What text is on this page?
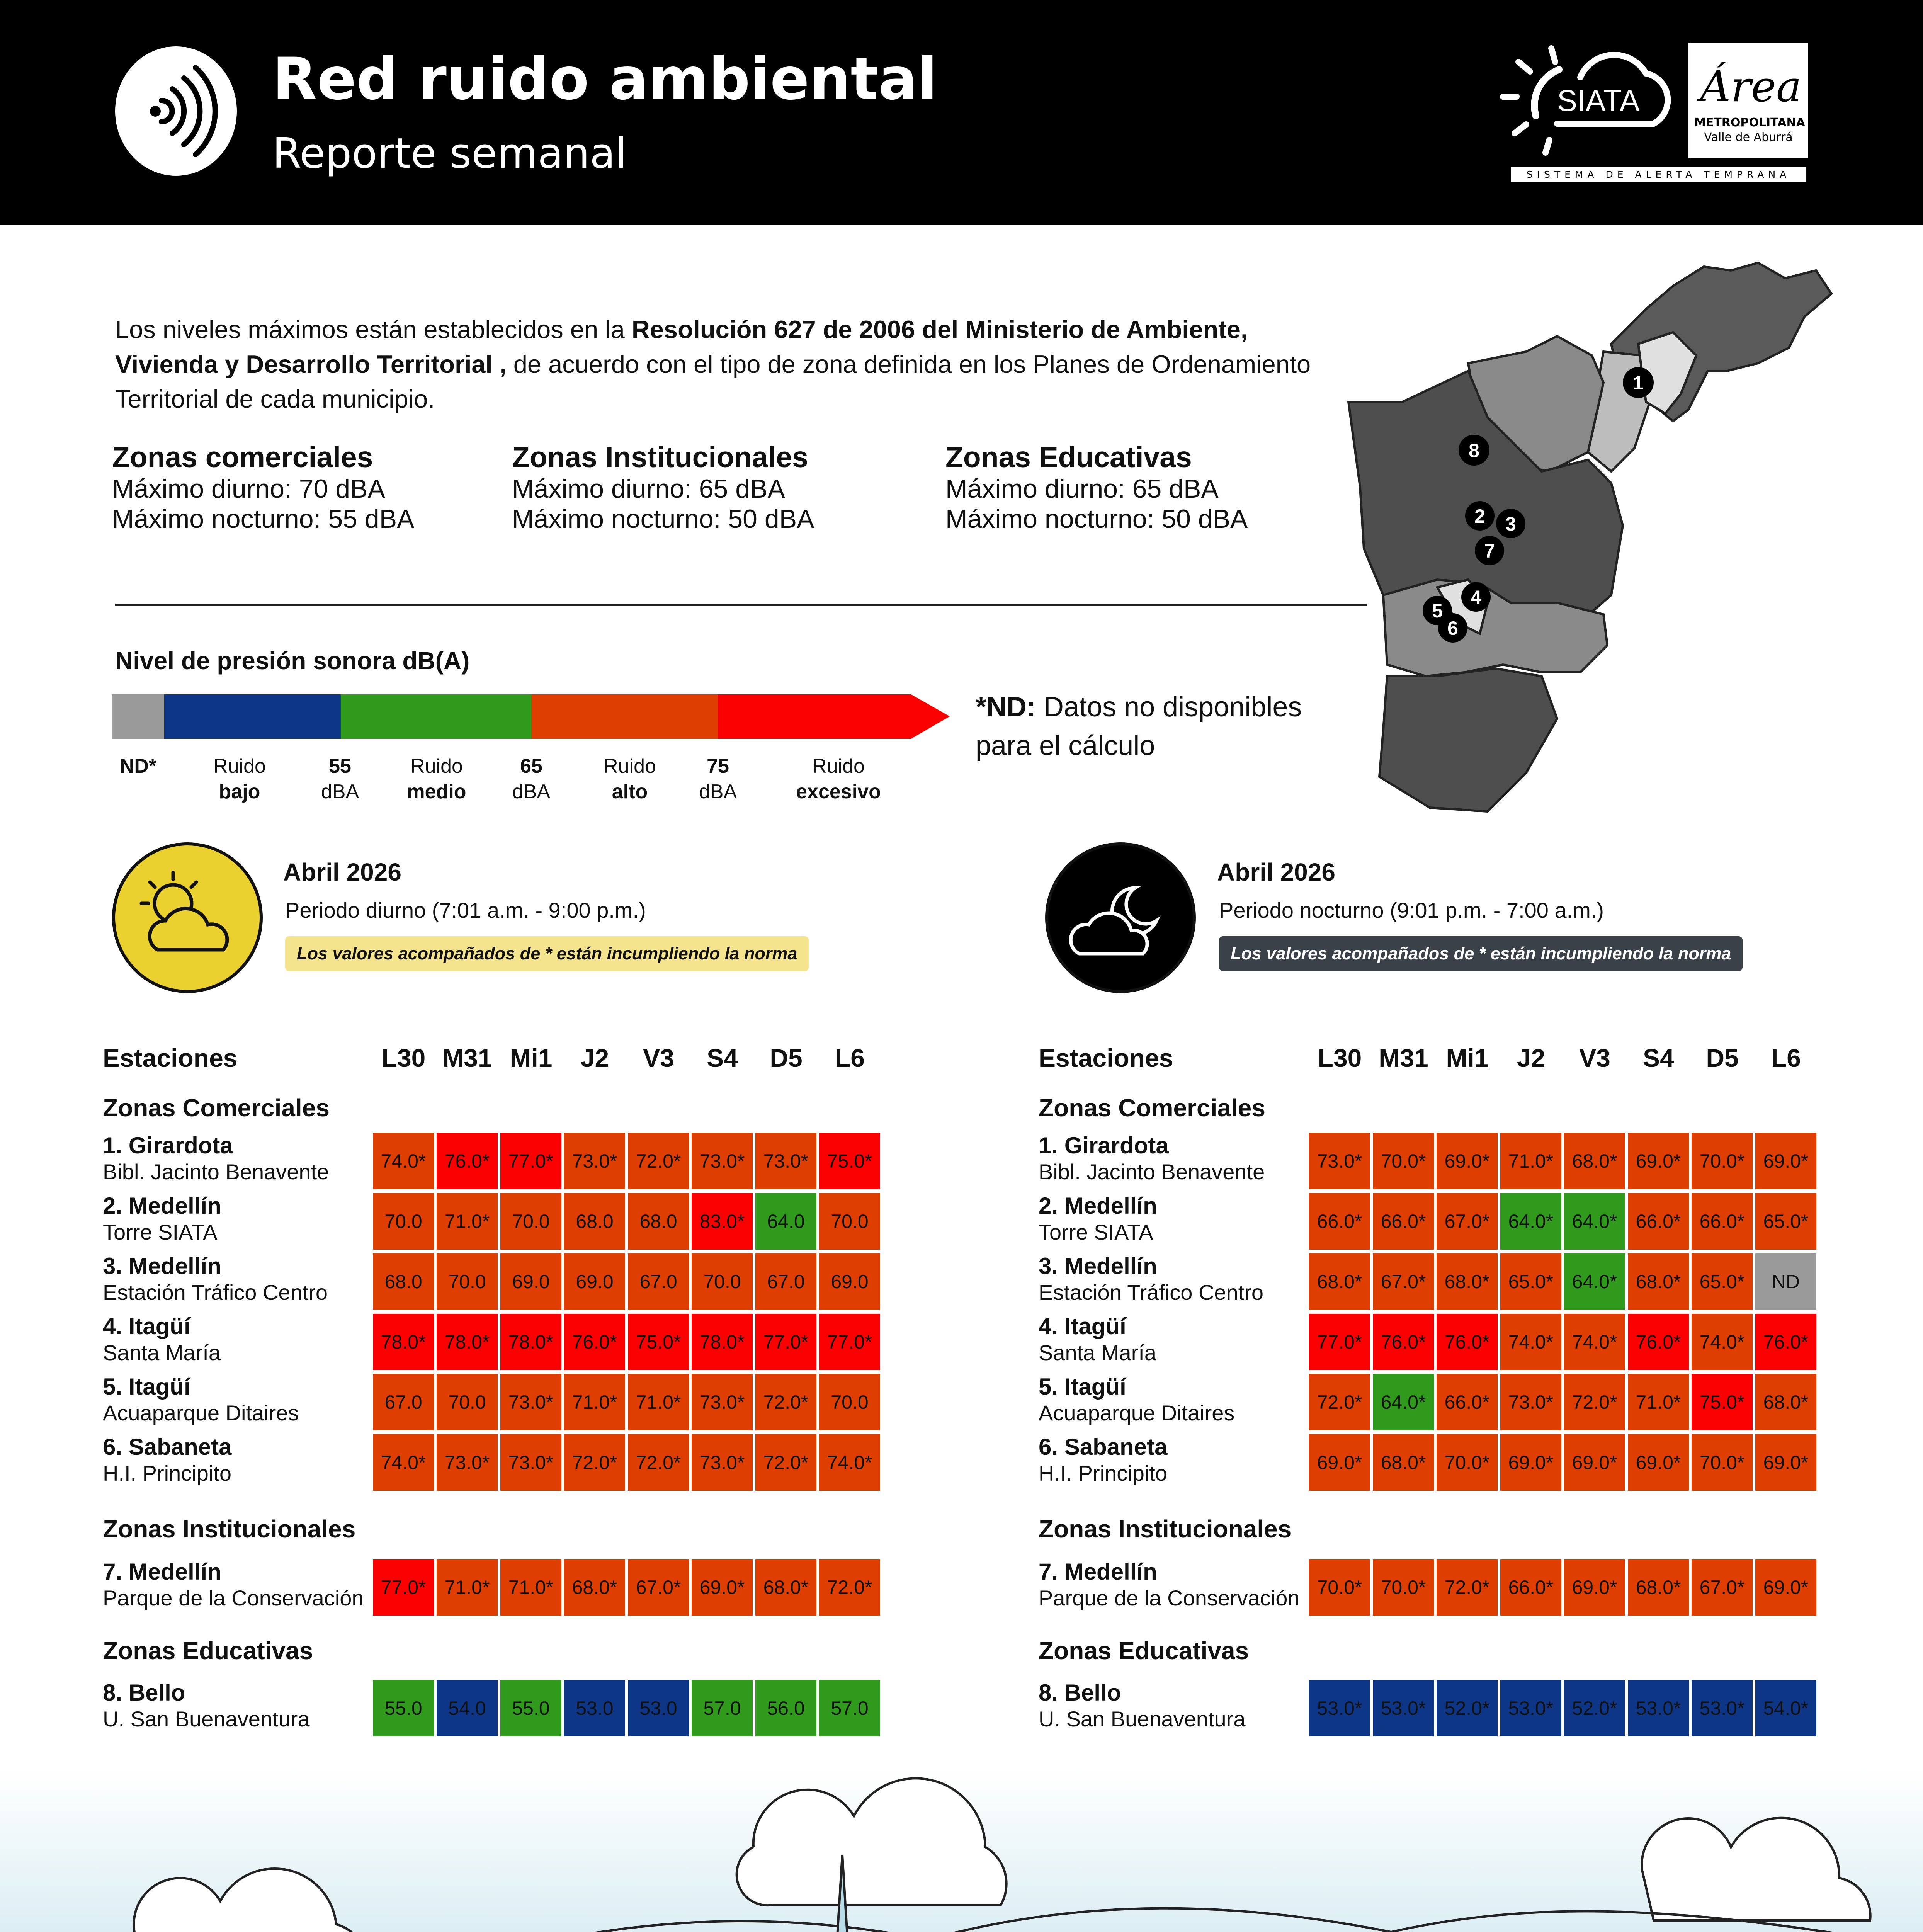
Red ruido ambiental
Reporte semanal
SIATA Área
METROPOLITANA
Valle de Aburrá
SISTEMA DE ALERTA TEMPRANA
Los niveles máximos están establecidos en la Resolución 627 de 2006 del Ministerio de Ambiente, Vivienda y Desarrollo Territorial , de acuerdo con el tipo de zona definida en los Planes de Ordenamiento Territorial de cada municipio.
Zonas comerciales
Máximo diurno: 70 dBA
Máximo nocturno: 55 dBA
Zonas Institucionales
Máximo diurno: 65 dBA
Máximo nocturno: 50 dBA
Zonas Educativas
Máximo diurno: 65 dBA
Máximo nocturno: 50 dBA
1
8
2 3
7
4
5
6
Nivel de presión sonora dB(A)
ND*	Ruido
bajo
55
dBA
Ruido
medio
65
dBA
Ruido
alto
75
dBA
Ruido
excesivo
*ND: Datos no disponibles
para el cálculo
Abril 2026
Periodo diurno (7:01 a.m. - 9:00 p.m.)
Los valores acompañados de * están incumpliendo la norma
Abril 2026
Periodo nocturno (9:01 p.m. - 7:00 a.m.)
Los valores acompañados de * están incumpliendo la norma
Estaciones	L30 M31 Mi1	J2	V3	S4	D5	L6
Zonas Comerciales
Zonas Institucionales
Zonas Educativas
1. Girardota
Bibl. Jacinto Benavente	74.0* 76.0* 77.0* 73.0* 72.0* 73.0* 73.0* 75.0*
2. Medellín
Torre SIATA	70.0	71.0*	70.0	68.0	68.0	83.0*	64.0	70.0
3. Medellín
Estación Tráfico Centro	68.0	70.0	69.0	69.0	67.0	70.0	67.0	69.0
4. Itagüí
Santa María	78.0* 78.0* 78.0* 76.0* 75.0* 78.0* 77.0* 77.0*
5. Itagüí
Acuaparque Ditaires	67.0	70.0	73.0* 71.0* 71.0* 73.0* 72.0*	70.0
6. Sabaneta
H.I. Principito	74.0* 73.0* 73.0* 72.0* 72.0* 73.0* 72.0* 74.0*
7. Medellín
Parque de la Conservación 77.0* 71.0* 71.0* 68.0* 67.0* 69.0* 68.0* 72.0*
8. Bello
U. San Buenaventura	55.0	54.0	55.0	53.0	53.0	57.0	56.0	57.0
Estaciones	L30 M31 Mi1	J2	V3	S4	D5	L6
Zonas Comerciales
Zonas Institucionales
Zonas Educativas
1. Girardota
Bibl. Jacinto Benavente	73.0* 70.0* 69.0* 71.0* 68.0* 69.0* 70.0* 69.0*
2. Medellín
Torre SIATA	66.0* 66.0* 67.0* 64.0* 64.0* 66.0* 66.0* 65.0*
3. Medellín
Estación Tráfico Centro	68.0* 67.0* 68.0* 65.0* 64.0* 68.0* 65.0*	ND
4. Itagüí
Santa María	77.0* 76.0* 76.0* 74.0* 74.0* 76.0* 74.0* 76.0*
5. Itagüí
Acuaparque Ditaires	72.0* 64.0* 66.0* 73.0* 72.0* 71.0* 75.0* 68.0*
6. Sabaneta
H.I. Principito	69.0* 68.0* 70.0* 69.0* 69.0* 69.0* 70.0* 69.0*
7. Medellín
Parque de la Conservación 70.0* 70.0* 72.0* 66.0* 69.0* 68.0* 67.0* 69.0*
8. Bello
U. San Buenaventura	53.0* 53.0* 52.0* 53.0* 52.0* 53.0* 53.0* 54.0*
